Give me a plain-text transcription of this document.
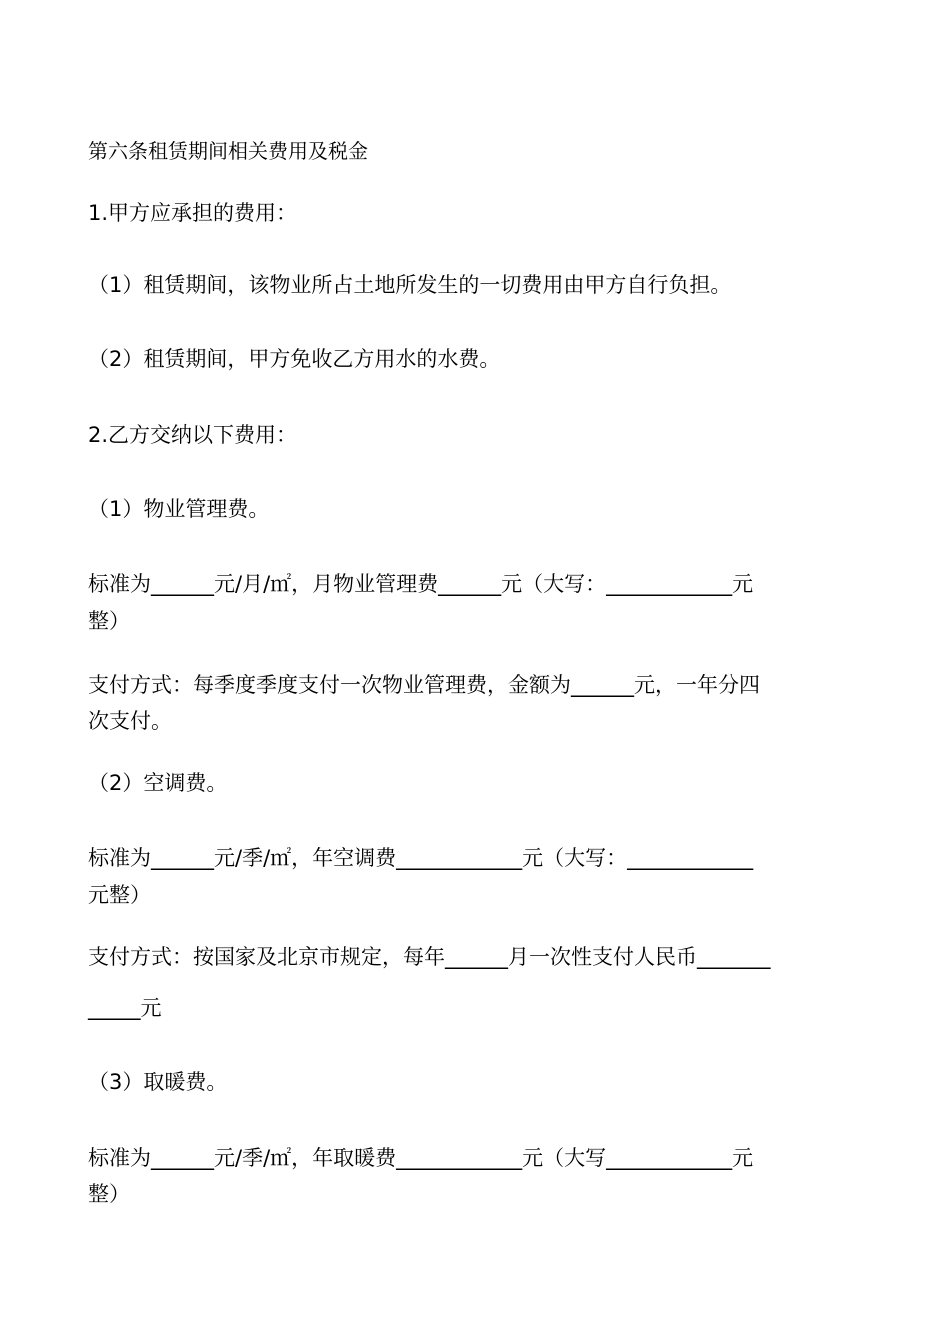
第六条租赁期间相关费用及税金
1.甲方应承担的费用：
（1）租赁期间，该物业所占土地所发生的一切费用由甲方自行负担。
（2）租赁期间，甲方免收乙方用水的水费。
2.乙方交纳以下费用：
（1）物业管理费。
标准为______元/月/㎡，月物业管理费______元（大写：____________元
整）
支付方式：每季度季度支付一次物业管理费，金额为______元，一年分四
次支付。
（2）空调费。
标准为______元/季/㎡，年空调费____________元（大写：____________
元整）
支付方式：按国家及北京市规定，每年______月一次性支付人民币_______
_____元
（3）取暖费。
标准为______元/季/㎡，年取暖费____________元（大写____________元
整）
